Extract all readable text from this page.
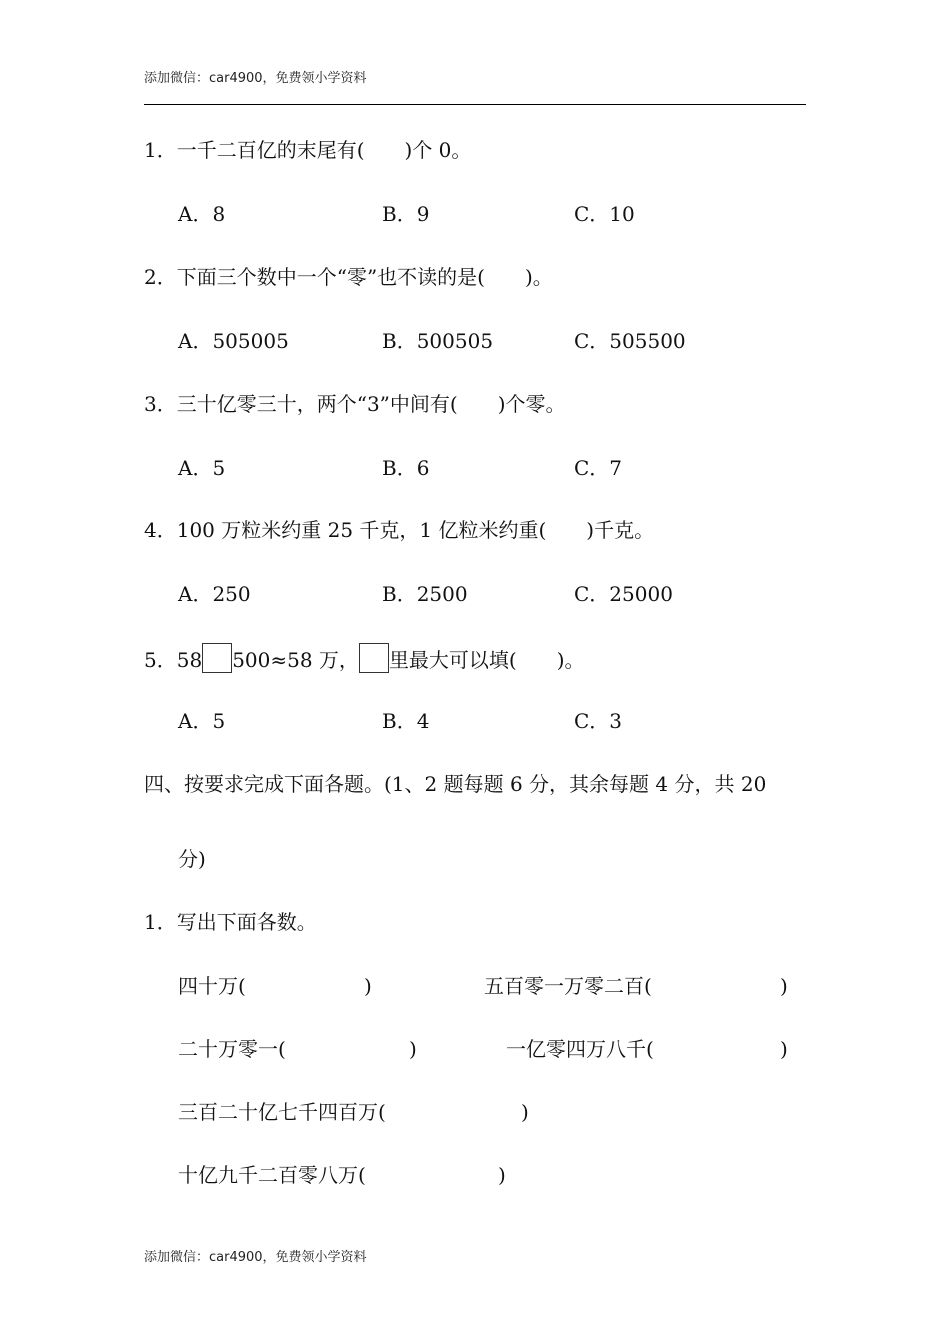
添加微信：car4900，免费领小学资料
1．一千二百亿的末尾有(　　)个 0。
A．8	B．9	C．10
2．下面三个数中一个“零”也不读的是(　　)。
A．505005	B．500505	C．505500
3．三十亿零三十，两个“3”中间有(　　)个零。
A．5	B．6	C．7
4．100 万粒米约重 25 千克，1 亿粒米约重(　　)千克。
A．250	B．2500	C．25000
5．58 500≈58 万， 里最大可以填(　　)。
A．5	B．4	C．3
四、按要求完成下面各题。(1、2 题每题 6 分，其余每题 4 分，共 20
分)
1．写出下面各数。
四十万(	)	五百零一万零二百(	)
二十万零一(	)	一亿零四万八千(	)
三百二十亿七千四百万(	)
十亿九千二百零八万(	)
添加微信：car4900，免费领小学资料
